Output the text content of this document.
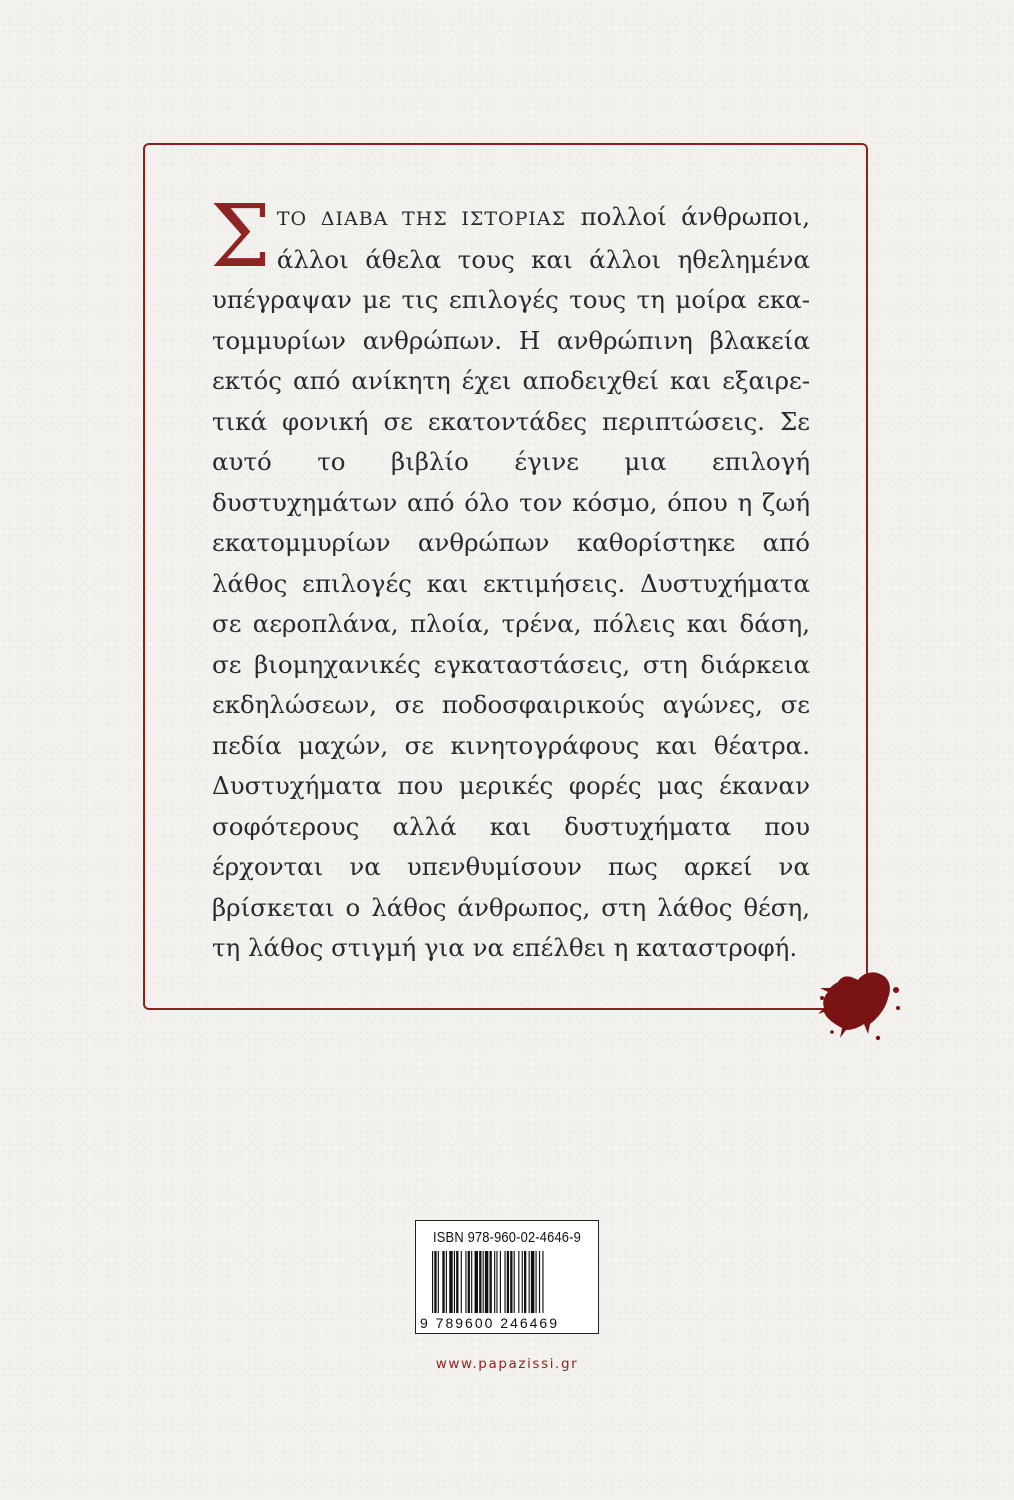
ΣΤΟ ΔΙΑΒΑ ΤΗΣ ΙΣΤΟΡΙΑΣ πολλοί άνθρωποι, άλλοι άθελα τους και άλλοι ηθελημένα υπέγραψαν με τις επιλογές τους τη μοίρα εκατομμυρίων ανθρώπων. Η ανθρώπινη βλακεία εκτός από ανίκητη έχει αποδειχθεί και εξαιρετικά φονική σε εκατοντάδες περιπτώσεις. Σε αυτό το βιβλίο έγινε μια επιλογή δυστυχημάτων από όλο τον κόσμο, όπου η ζωή εκατομμυρίων ανθρώπων καθορίστηκε από λάθος επιλογές και εκτιμήσεις. Δυστυχήματα σε αεροπλάνα, πλοία, τρένα, πόλεις και δάση, σε βιομηχανικές εγκαταστάσεις, στη διάρκεια εκδηλώσεων, σε ποδοσφαιρικούς αγώνες, σε πεδία μαχών, σε κινητογράφους και θέατρα. Δυστυχήματα που μερικές φορές μας έκαναν σοφότερους αλλά και δυστυχήματα που έρχονται να υπενθυμίσουν πως αρκεί να βρίσκεται ο λάθος άνθρωπος, στη λάθος θέση, τη λάθος στιγμή για να επέλθει η καταστροφή.

ISBN 978-960-02-4646-9
9 789600 246469
www.papazissi.gr
